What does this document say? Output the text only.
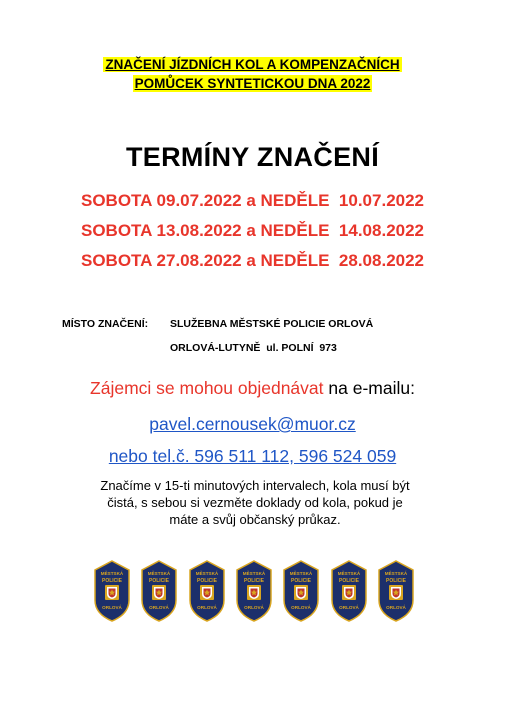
ZNAČENÍ JÍZDNÍCH KOL A KOMPENZAČNÍCH POMŮCEK SYNTETICKOU DNA 2022
TERMÍNY ZNAČENÍ
SOBOTA 09.07.2022 a NEDĚLE  10.07.2022
SOBOTA 13.08.2022 a NEDĚLE  14.08.2022
SOBOTA 27.08.2022 a NEDĚLE  28.08.2022
MÍSTO ZNAČENÍ:	SLUŽEBNA MĚSTSKÉ POLICIE ORLOVÁ
ORLOVÁ-LUTYNĚ  ul. POLNÍ  973
Zájemci se mohou objednávat na e-mailu:
pavel.cernousek@muor.cz
nebo tel.č. 596 511 112, 596 524 059
Značíme v 15-ti minutových intervalech, kola musí být čistá, s sebou si vezměte doklady od kola, pokud je máte a svůj občanský průkaz.
MĚSTSKÁ
POLICIE
ORLOVÁ
MĚSTSKÁ
POLICIE
ORLOVÁ
MĚSTSKÁ
POLICIE
ORLOVÁ
MĚSTSKÁ
POLICIE
ORLOVÁ
MĚSTSKÁ
POLICIE
ORLOVÁ
MĚSTSKÁ
POLICIE
ORLOVÁ
MĚSTSKÁ
POLICIE
ORLOVÁ
